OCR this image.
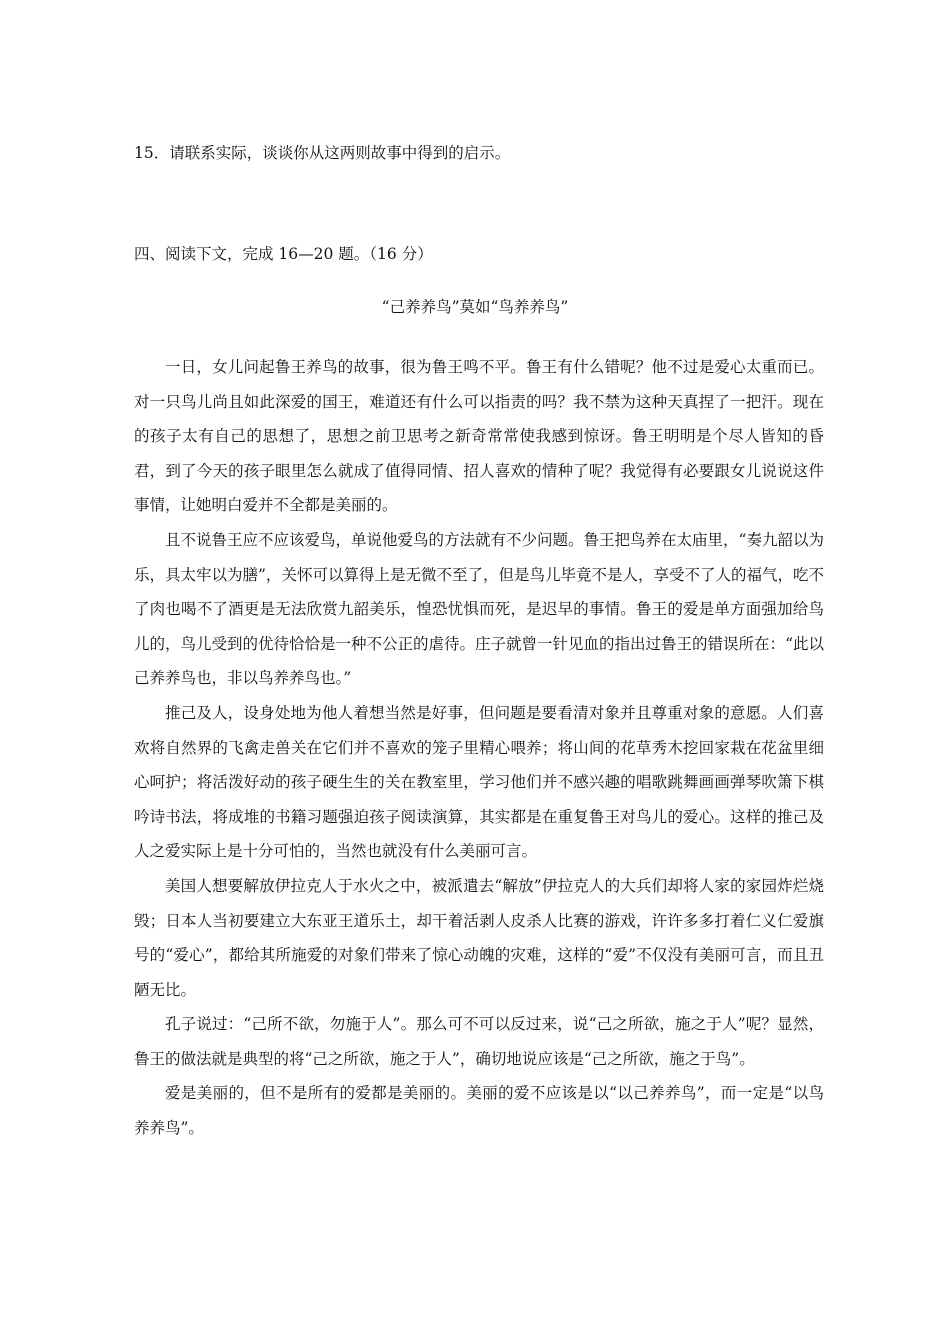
15．请联系实际，谈谈你从这两则故事中得到的启示。
四、阅读下文，完成 16—20 题。（16 分）
“己养养鸟”莫如“鸟养养鸟”

一日，女儿问起鲁王养鸟的故事，很为鲁王鸣不平。鲁王有什么错呢？他不过是爱心太重而已。对一只鸟儿尚且如此深爱的国王，难道还有什么可以指责的吗？我不禁为这种天真捏了一把汗。现在的孩子太有自己的思想了，思想之前卫思考之新奇常常使我感到惊讶。鲁王明明是个尽人皆知的昏君，到了今天的孩子眼里怎么就成了值得同情、招人喜欢的情种了呢？我觉得有必要跟女儿说说这件事情，让她明白爱并不全都是美丽的。

且不说鲁王应不应该爱鸟，单说他爱鸟的方法就有不少问题。鲁王把鸟养在太庙里，“奏九韶以为乐，具太牢以为膳”，关怀可以算得上是无微不至了，但是鸟儿毕竟不是人，享受不了人的福气，吃不了肉也喝不了酒更是无法欣赏九韶美乐，惶恐忧惧而死，是迟早的事情。鲁王的爱是单方面强加给鸟儿的，鸟儿受到的优待恰恰是一种不公正的虐待。庄子就曾一针见血的指出过鲁王的错误所在：“此以己养养鸟也，非以鸟养养鸟也。”

推己及人，设身处地为他人着想当然是好事，但问题是要看清对象并且尊重对象的意愿。人们喜欢将自然界的飞禽走兽关在它们并不喜欢的笼子里精心喂养；将山间的花草秀木挖回家栽在花盆里细心呵护；将活泼好动的孩子硬生生的关在教室里，学习他们并不感兴趣的唱歌跳舞画画弹琴吹箫下棋吟诗书法，将成堆的书籍习题强迫孩子阅读演算，其实都是在重复鲁王对鸟儿的爱心。这样的推己及人之爱实际上是十分可怕的，当然也就没有什么美丽可言。

美国人想要解放伊拉克人于水火之中，被派遣去“解放”伊拉克人的大兵们却将人家的家园炸烂烧毁；日本人当初要建立大东亚王道乐土，却干着活剥人皮杀人比赛的游戏，许许多多打着仁义仁爱旗号的“爱心”，都给其所施爱的对象们带来了惊心动魄的灾难，这样的“爱”不仅没有美丽可言，而且丑陋无比。

孔子说过：“己所不欲，勿施于人”。那么可不可以反过来，说“己之所欲，施之于人”呢？显然，鲁王的做法就是典型的将“己之所欲，施之于人”，确切地说应该是“己之所欲，施之于鸟”。

爱是美丽的，但不是所有的爱都是美丽的。美丽的爱不应该是以“以己养养鸟”，而一定是“以鸟养养鸟”。
